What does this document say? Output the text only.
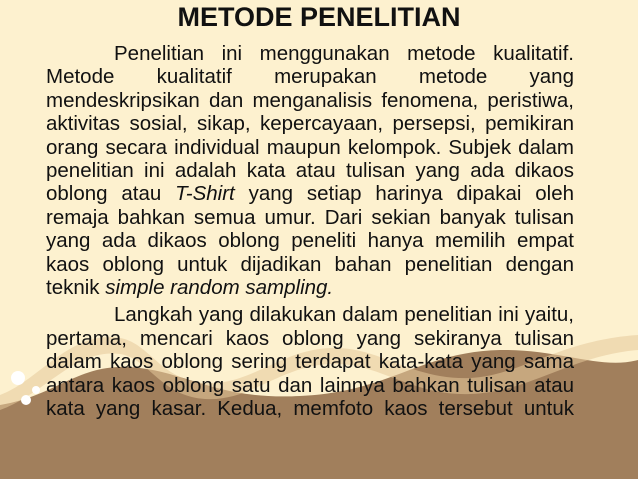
METODE PENELITIAN

Penelitian ini menggunakan metode kualitatif. Metode kualitatif merupakan metode yang mendeskripsikan dan menganalisis fenomena, peristiwa, aktivitas sosial, sikap, kepercayaan, persepsi, pemikiran orang secara individual maupun kelompok. Subjek dalam penelitian ini adalah kata atau tulisan yang ada dikaos oblong atau T-Shirt yang setiap harinya dipakai oleh remaja bahkan semua umur. Dari sekian banyak tulisan yang ada dikaos oblong peneliti hanya memilih empat kaos oblong untuk dijadikan bahan penelitian dengan teknik simple random sampling.

Langkah yang dilakukan dalam penelitian ini yaitu, pertama, mencari kaos oblong yang sekiranya tulisan dalam kaos oblong sering terdapat kata-kata yang sama antara kaos oblong satu dan lainnya bahkan tulisan atau kata yang kasar. Kedua, memfoto kaos tersebut untuk
